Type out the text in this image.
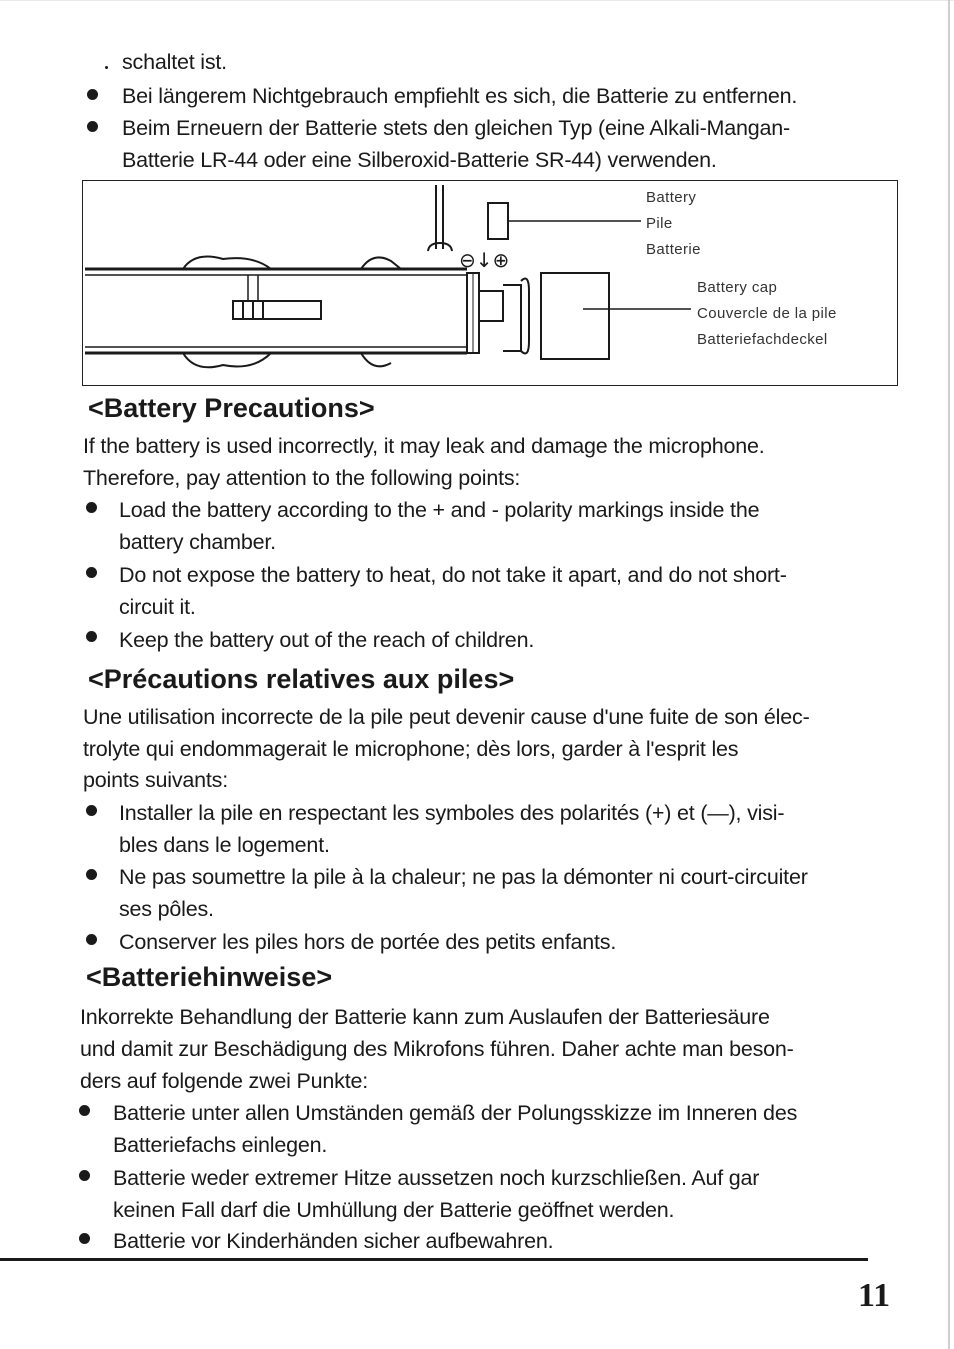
schaltet ist.
Bei längerem Nichtgebrauch empfiehlt es sich, die Batterie zu entfernen.
Beim Erneuern der Batterie stets den gleichen Typ (eine Alkali-Mangan-
Batterie LR-44 oder eine Silberoxid-Batterie SR-44) verwenden.
⊖↓⊕
Battery
Pile
Batterie
Battery cap
Couvercle de la pile
Batteriefachdeckel
<Battery Precautions>
If the battery is used incorrectly, it may leak and damage the microphone.
Therefore, pay attention to the following points:
Load the battery according to the + and - polarity markings inside the
battery chamber.
Do not expose the battery to heat, do not take it apart, and do not short-
circuit it.
Keep the battery out of the reach of children.
<Précautions relatives aux piles>
Une utilisation incorrecte de la pile peut devenir cause d'une fuite de son élec-
trolyte qui endommagerait le microphone; dès lors, garder à l'esprit les
points suivants:
Installer la pile en respectant les symboles des polarités (+) et (—), visi-
bles dans le logement.
Ne pas soumettre la pile à la chaleur; ne pas la démonter ni court-circuiter
ses pôles.
Conserver les piles hors de portée des petits enfants.
<Batteriehinweise>
Inkorrekte Behandlung der Batterie kann zum Auslaufen der Batteriesäure
und damit zur Beschädigung des Mikrofons führen. Daher achte man beson-
ders auf folgende zwei Punkte:
Batterie unter allen Umständen gemäß der Polungsskizze im Inneren des
Batteriefachs einlegen.
Batterie weder extremer Hitze aussetzen noch kurzschließen. Auf gar
keinen Fall darf die Umhüllung der Batterie geöffnet werden.
Batterie vor Kinderhänden sicher aufbewahren.
11
